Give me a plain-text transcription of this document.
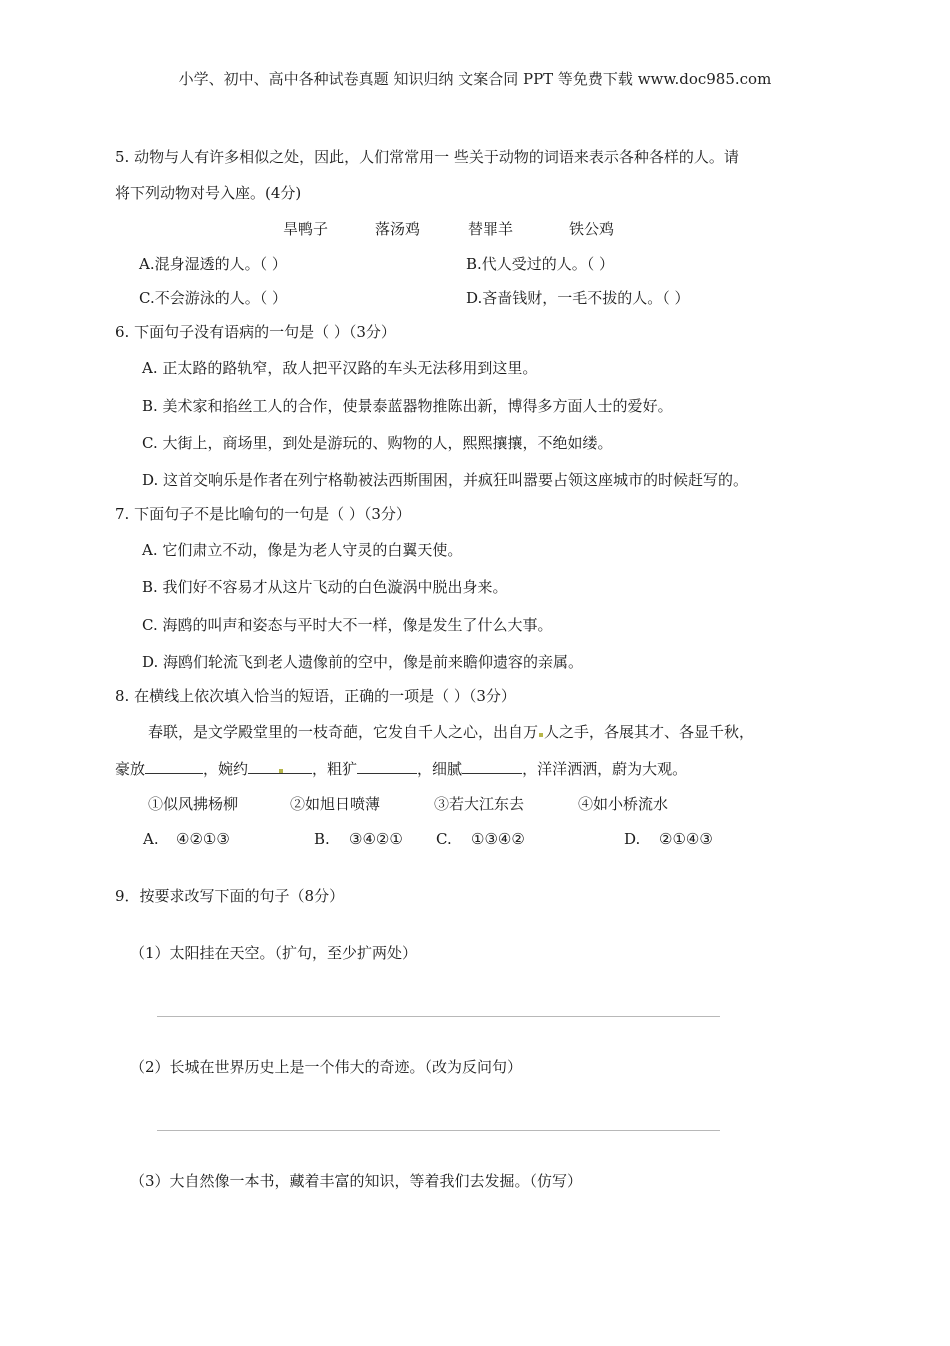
小学、初中、高中各种试卷真题 知识归纳 文案合同 PPT 等免费下载 www.doc985.com
5. 动物与人有许多相似之处，因此，人们常常用一 些关于动物的词语来表示各种各样的人。请
将下列动物对号入座。(4分)
旱鸭子	落汤鸡	替罪羊	铁公鸡
A.混身湿透的人。（ ）	B.代人受过的人。（ ）
C.不会游泳的人。（ ）	D.吝啬钱财，一毛不拔的人。（ ）
6. 下面句子没有语病的一句是（ ）（3分）
A. 正太路的路轨窄，敌人把平汉路的车头无法移用到这里。
B. 美术家和掐丝工人的合作，使景泰蓝器物推陈出新，博得多方面人士的爱好。
C. 大街上，商场里，到处是游玩的、购物的人，熙熙攘攘，不绝如缕。
D. 这首交响乐是作者在列宁格勒被法西斯围困，并疯狂叫嚣要占领这座城市的时候赶写的。
7. 下面句子不是比喻句的一句是（ ）（3分）
A. 它们肃立不动，像是为老人守灵的白翼天使。
B. 我们好不容易才从这片飞动的白色漩涡中脱出身来。
C. 海鸥的叫声和姿态与平时大不一样，像是发生了什么大事。
D. 海鸥们轮流飞到老人遗像前的空中，像是前来瞻仰遗容的亲属。
8. 在横线上依次填入恰当的短语，正确的一项是（ ）（3分）
春联，是文学殿堂里的一枝奇葩，它发自千人之心，出自万 人之手，各展其才、各显千秋，
豪放	，婉约	，粗犷	，细腻	，洋洋洒洒，蔚为大观。
①似风拂杨柳	②如旭日喷薄	③若大江东去	④如小桥流水
A. ④②①③	B. ③④②① C. ①③④②	D. ②①④③
9．按要求改写下面的句子（8分）
（1）太阳挂在天空。（扩句，至少扩两处）
（2）长城在世界历史上是一个伟大的奇迹。（改为反问句）
（3）大自然像一本书，藏着丰富的知识，等着我们去发掘。（仿写）
